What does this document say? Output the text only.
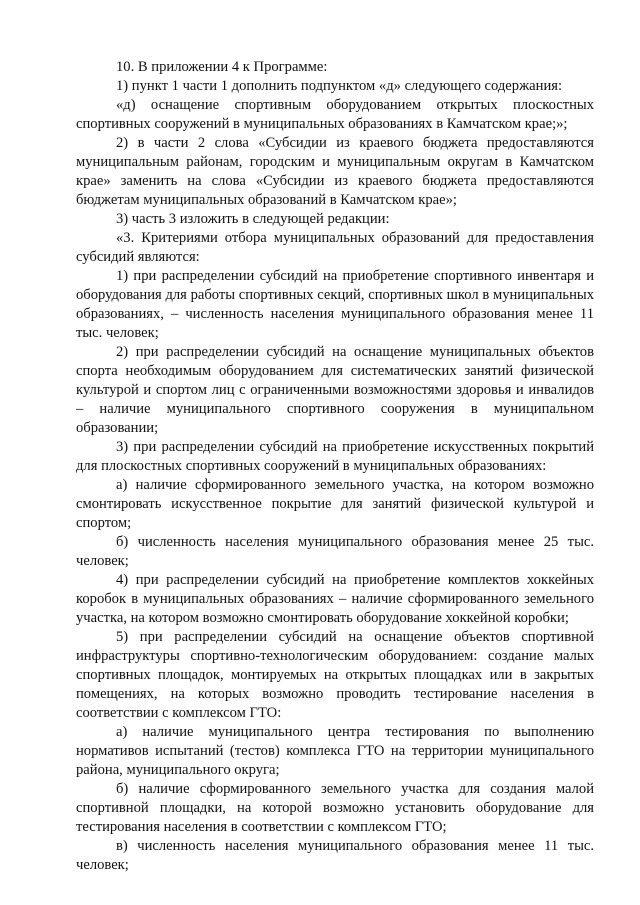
10. В приложении 4 к Программе:

1) пункт 1 части 1 дополнить подпунктом «д» следующего содержания:

«д) оснащение спортивным оборудованием открытых плоскостных спортивных сооружений в муниципальных образованиях в Камчатском крае;»;

2) в части 2 слова «Субсидии из краевого бюджета предоставляются муниципальным районам, городским и муниципальным округам в Камчатском крае» заменить на слова «Субсидии из краевого бюджета предоставляются бюджетам муниципальных образований в Камчатском крае»;

3) часть 3 изложить в следующей редакции:

«3. Критериями отбора муниципальных образований для предоставления субсидий являются:

1) при распределении субсидий на приобретение спортивного инвентаря и оборудования для работы спортивных секций, спортивных школ в муниципальных образованиях, – численность населения муниципального образования менее 11 тыс. человек;

2) при распределении субсидий на оснащение муниципальных объектов спорта необходимым оборудованием для систематических занятий физической культурой и спортом лиц с ограниченными возможностями здоровья и инвалидов – наличие муниципального спортивного сооружения в муниципальном образовании;

3) при распределении субсидий на приобретение искусственных покрытий для плоскостных спортивных сооружений в муниципальных образованиях:

а) наличие сформированного земельного участка, на котором возможно смонтировать искусственное покрытие для занятий физической культурой и спортом;

б) численность населения муниципального образования менее 25 тыс. человек;

4) при распределении субсидий на приобретение комплектов хоккейных коробок в муниципальных образованиях – наличие сформированного земельного участка, на котором возможно смонтировать оборудование хоккейной коробки;

5) при распределении субсидий на оснащение объектов спортивной инфраструктуры спортивно-технологическим оборудованием: создание малых спортивных площадок, монтируемых на открытых площадках или в закрытых помещениях, на которых возможно проводить тестирование населения в соответствии с комплексом ГТО:

а) наличие муниципального центра тестирования по выполнению нормативов испытаний (тестов) комплекса ГТО на территории муниципального района, муниципального округа;

б) наличие сформированного земельного участка для создания малой спортивной площадки, на которой возможно установить оборудование для тестирования населения в соответствии с комплексом ГТО;

в) численность населения муниципального образования менее 11 тыс. человек;
